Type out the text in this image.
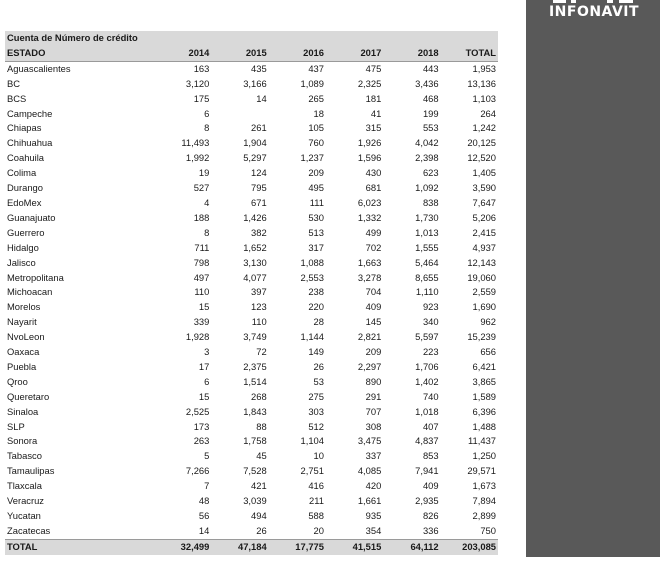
Cuenta de Número de crédito						
ESTADO	2014	2015	2016	2017	2018	TOTAL
Aguascalientes	163	435	437	475	443	1,953
BC	3,120	3,166	1,089	2,325	3,436	13,136
BCS	175	14	265	181	468	1,103
Campeche	6		18	41	199	264
Chiapas	8	261	105	315	553	1,242
Chihuahua	11,493	1,904	760	1,926	4,042	20,125
Coahuila	1,992	5,297	1,237	1,596	2,398	12,520
Colima	19	124	209	430	623	1,405
Durango	527	795	495	681	1,092	3,590
EdoMex	4	671	111	6,023	838	7,647
Guanajuato	188	1,426	530	1,332	1,730	5,206
Guerrero	8	382	513	499	1,013	2,415
Hidalgo	711	1,652	317	702	1,555	4,937
Jalisco	798	3,130	1,088	1,663	5,464	12,143
Metropolitana	497	4,077	2,553	3,278	8,655	19,060
Michoacan	110	397	238	704	1,110	2,559
Morelos	15	123	220	409	923	1,690
Nayarit	339	110	28	145	340	962
NvoLeon	1,928	3,749	1,144	2,821	5,597	15,239
Oaxaca	3	72	149	209	223	656
Puebla	17	2,375	26	2,297	1,706	6,421
Qroo	6	1,514	53	890	1,402	3,865
Queretaro	15	268	275	291	740	1,589
Sinaloa	2,525	1,843	303	707	1,018	6,396
SLP	173	88	512	308	407	1,488
Sonora	263	1,758	1,104	3,475	4,837	11,437
Tabasco	5	45	10	337	853	1,250
Tamaulipas	7,266	7,528	2,751	4,085	7,941	29,571
Tlaxcala	7	421	416	420	409	1,673
Veracruz	48	3,039	211	1,661	2,935	7,894
Yucatan	56	494	588	935	826	2,899
Zacatecas	14	26	20	354	336	750
TOTAL	32,499	47,184	17,775	41,515	64,112	203,085
INFONAVIT
